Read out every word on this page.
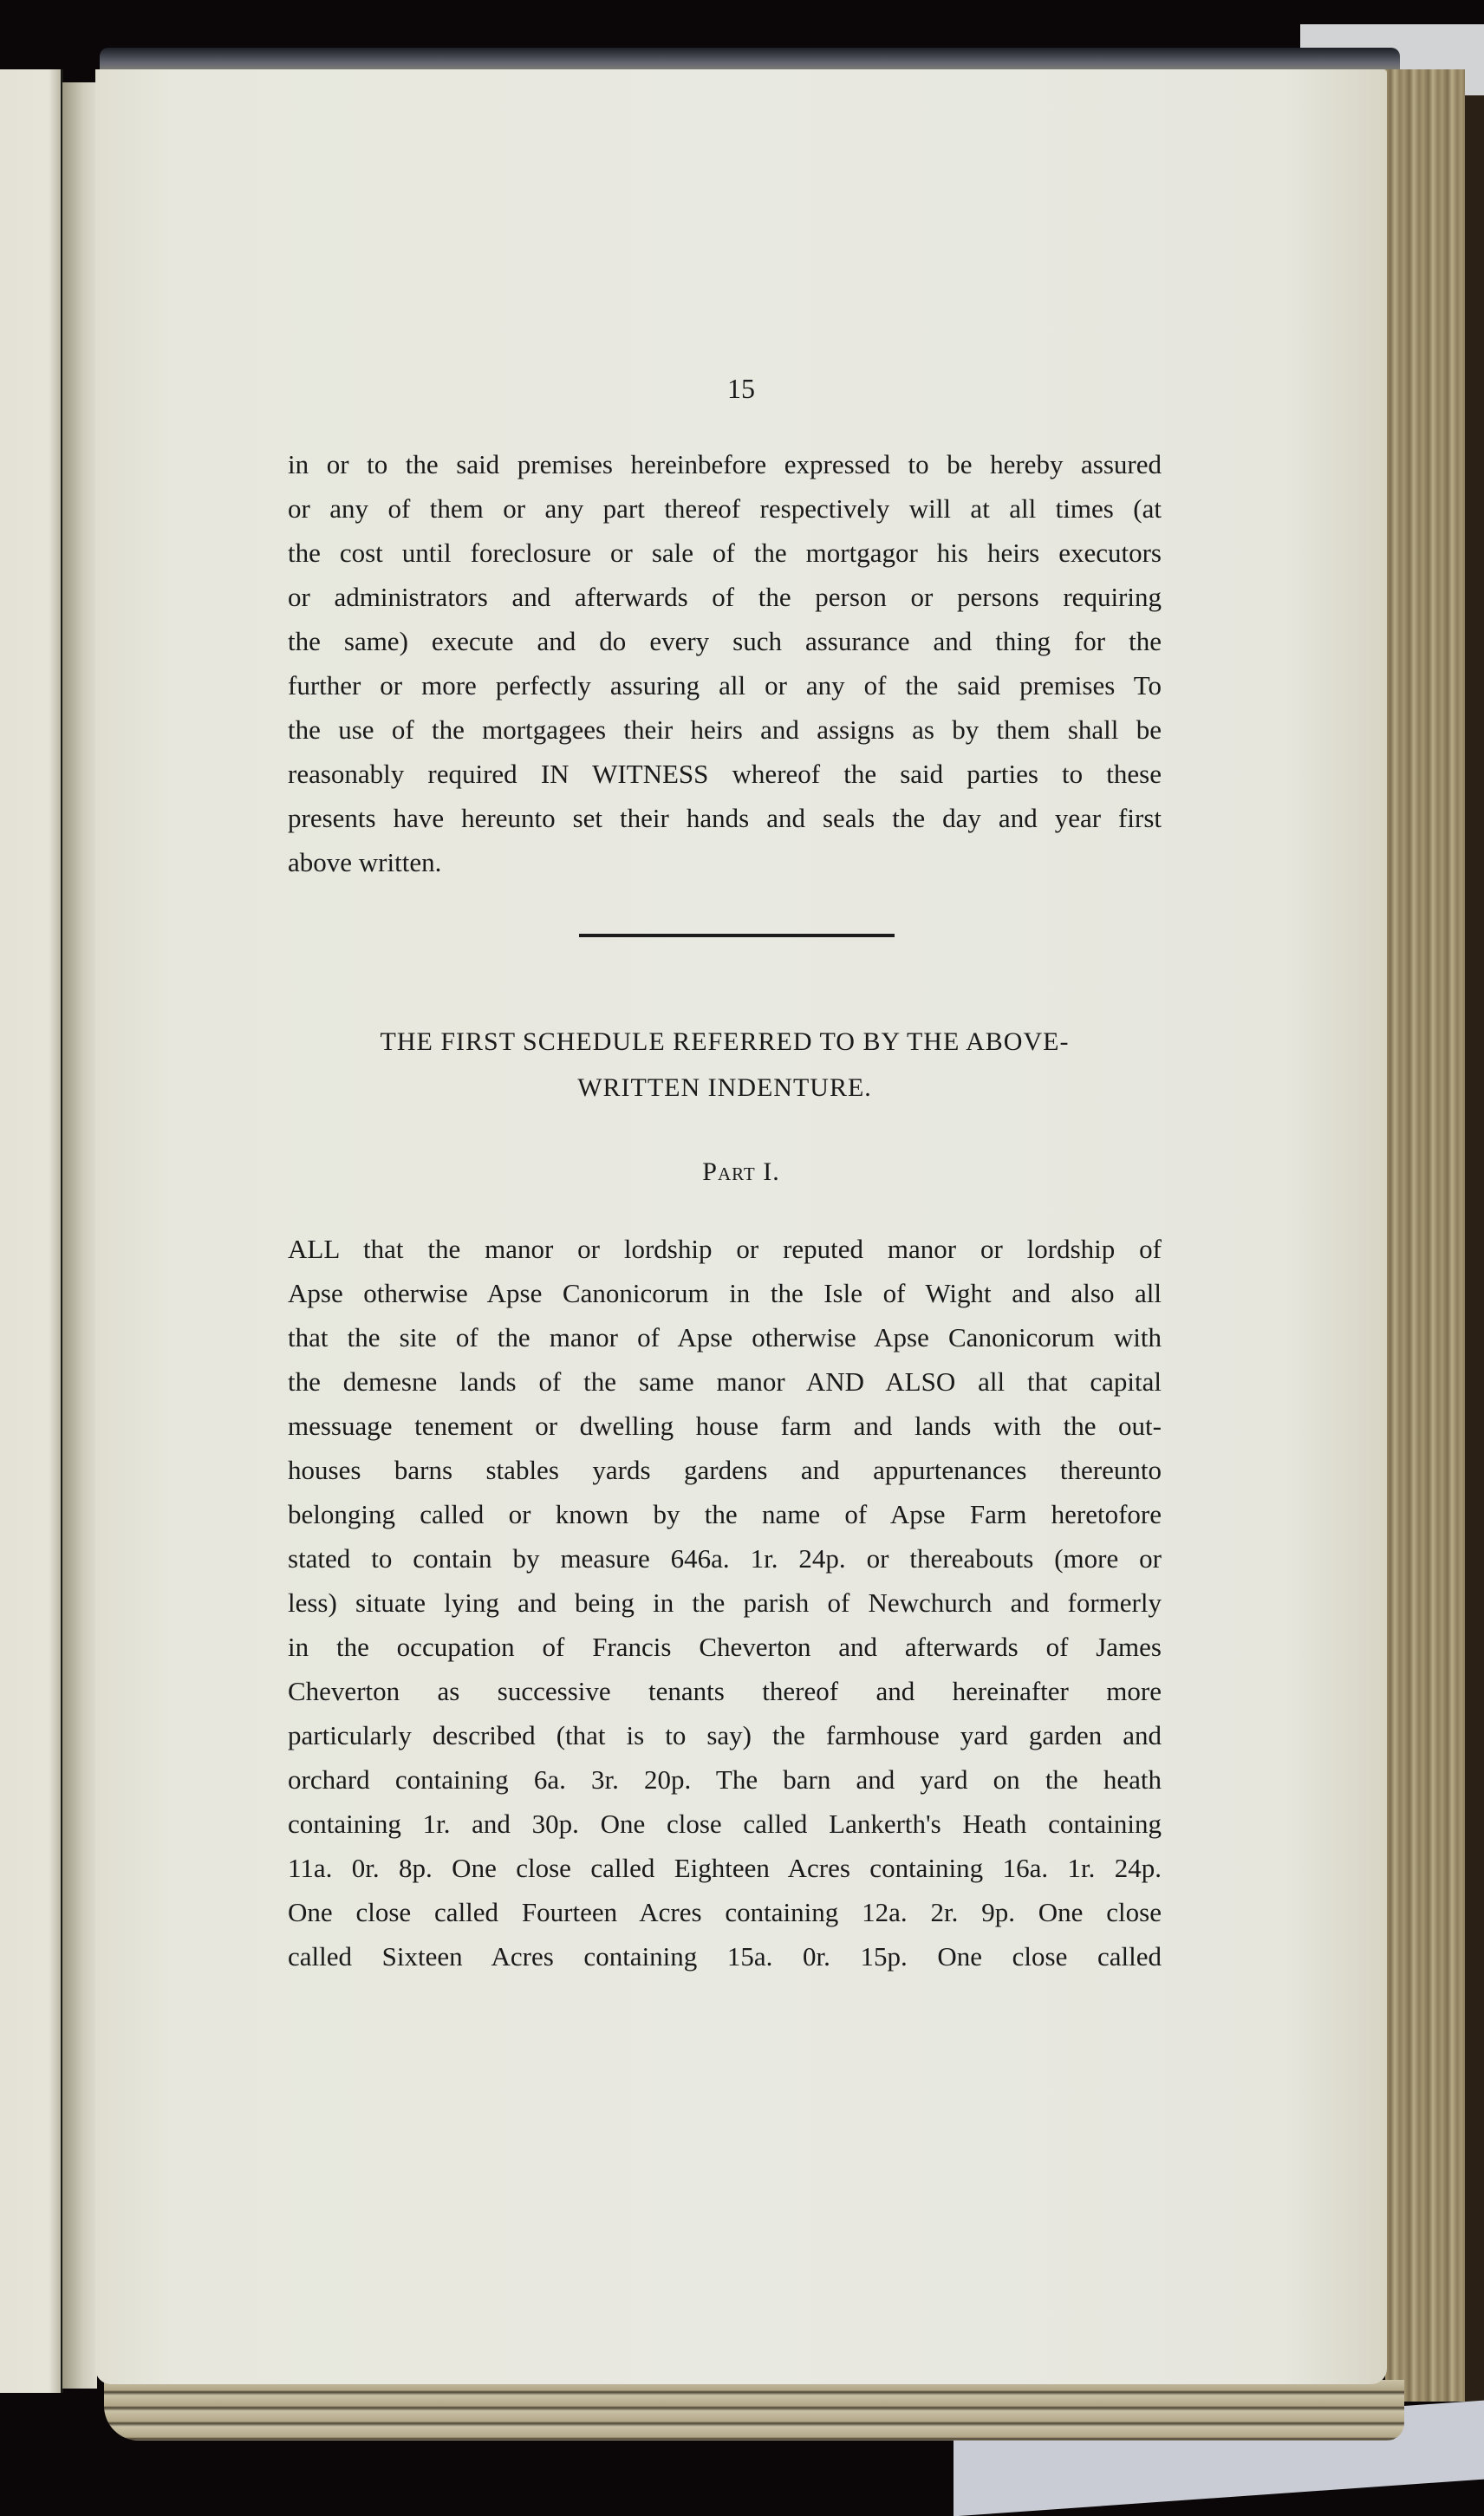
15
in or to the said premises hereinbefore expressed to be hereby assured
or any of them or any part thereof respectively will at all times (at
the cost until foreclosure or sale of the mortgagor his heirs executors
or administrators and afterwards of the person or persons requiring
the same) execute and do every such assurance and thing for the
further or more perfectly assuring all or any of the said premises To
the use of the mortgagees their heirs and assigns as by them shall be
reasonably required IN WITNESS whereof the said parties to these
presents have hereunto set their hands and seals the day and year first
above written.
THE FIRST SCHEDULE REFERRED TO BY THE ABOVE-
WRITTEN INDENTURE.
Part I.
ALL that the manor or lordship or reputed manor or lordship of
Apse otherwise Apse Canonicorum in the Isle of Wight and also all
that the site of the manor of Apse otherwise Apse Canonicorum with
the demesne lands of the same manor AND ALSO all that capital
messuage tenement or dwelling house farm and lands with the out-
houses barns stables yards gardens and appurtenances thereunto
belonging called or known by the name of Apse Farm heretofore
stated to contain by measure 646a. 1r. 24p. or thereabouts (more or
less) situate lying and being in the parish of Newchurch and formerly
in the occupation of Francis Cheverton and afterwards of James
Cheverton as successive tenants thereof and hereinafter more
particularly described (that is to say) the farmhouse yard garden and
orchard containing 6a. 3r. 20p. The barn and yard on the heath
containing 1r. and 30p. One close called Lankerth's Heath containing
11a. 0r. 8p. One close called Eighteen Acres containing 16a. 1r. 24p.
One close called Fourteen Acres containing 12a. 2r. 9p. One close
called Sixteen Acres containing 15a. 0r. 15p. One close called
